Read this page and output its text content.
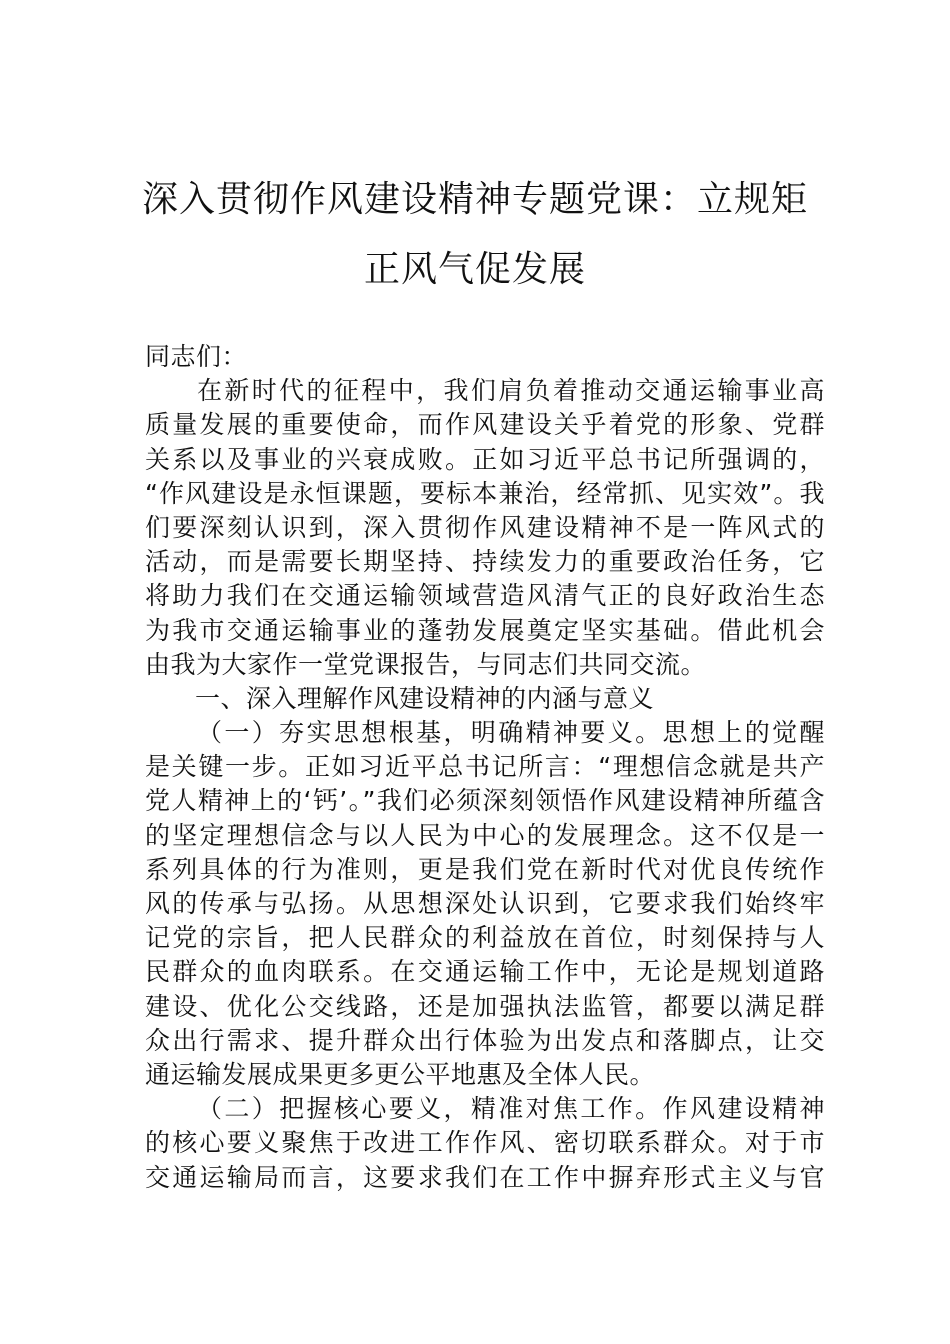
深入贯彻作风建设精神专题党课：立规矩
正风气促发展
同志们：
在新时代的征程中，我们肩负着推动交通运输事业高
质量发展的重要使命，而作风建设关乎着党的形象、党群
关系以及事业的兴衰成败。正如习近平总书记所强调的，
“作风建设是永恒课题，要标本兼治，经常抓、见实效”。我
们要深刻认识到，深入贯彻作风建设精神不是一阵风式的
活动，而是需要长期坚持、持续发力的重要政治任务，它
将助力我们在交通运输领域营造风清气正的良好政治生态
为我市交通运输事业的蓬勃发展奠定坚实基础。借此机会
由我为大家作一堂党课报告，与同志们共同交流。
一、深入理解作风建设精神的内涵与意义
（一）夯实思想根基，明确精神要义。思想上的觉醒
是关键一步。正如习近平总书记所言：“理想信念就是共产
党人精神上的‘钙’。”我们必须深刻领悟作风建设精神所蕴含
的坚定理想信念与以人民为中心的发展理念。这不仅是一
系列具体的行为准则，更是我们党在新时代对优良传统作
风的传承与弘扬。从思想深处认识到，它要求我们始终牢
记党的宗旨，把人民群众的利益放在首位，时刻保持与人
民群众的血肉联系。在交通运输工作中，无论是规划道路
建设、优化公交线路，还是加强执法监管，都要以满足群
众出行需求、提升群众出行体验为出发点和落脚点，让交
通运输发展成果更多更公平地惠及全体人民。
（二）把握核心要义，精准对焦工作。作风建设精神
的核心要义聚焦于改进工作作风、密切联系群众。对于市
交通运输局而言，这要求我们在工作中摒弃形式主义与官
